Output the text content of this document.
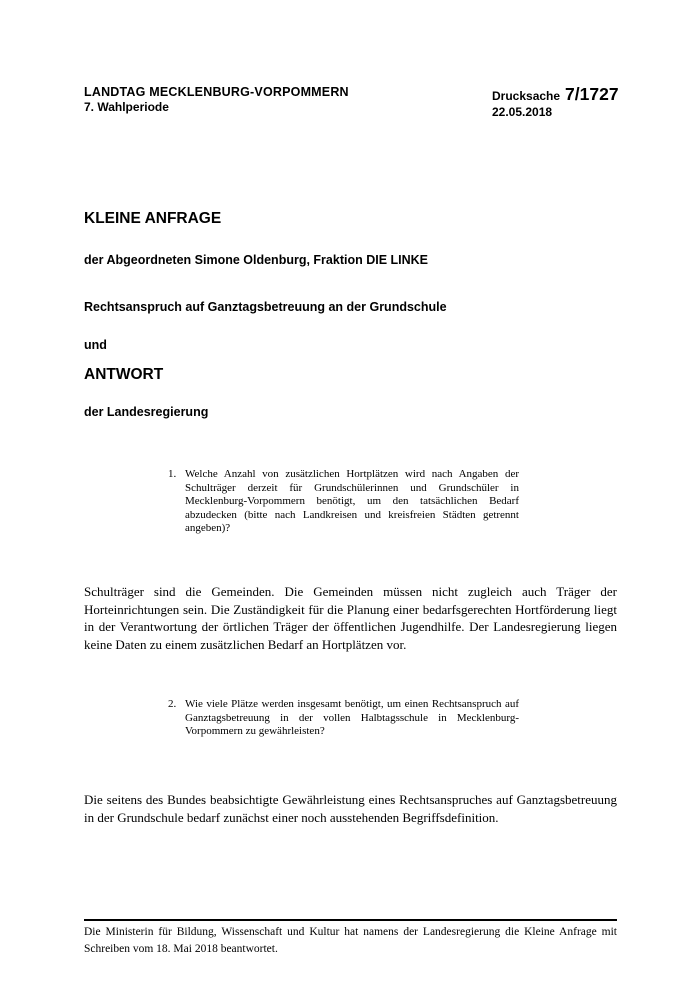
LANDTAG MECKLENBURG-VORPOMMERN
7. Wahlperiode
Drucksache 7/1727
22.05.2018
KLEINE ANFRAGE
der Abgeordneten Simone Oldenburg, Fraktion DIE LINKE
Rechtsanspruch auf Ganztagsbetreuung an der Grundschule
und
ANTWORT
der Landesregierung
1. Welche Anzahl von zusätzlichen Hortplätzen wird nach Angaben der Schulträger derzeit für Grundschülerinnen und Grundschüler in Mecklenburg-Vorpommern benötigt, um den tatsächlichen Bedarf abzudecken (bitte nach Landkreisen und kreisfreien Städten getrennt angeben)?
Schulträger sind die Gemeinden. Die Gemeinden müssen nicht zugleich auch Träger der Horteinrichtungen sein. Die Zuständigkeit für die Planung einer bedarfsgerechten Hortförderung liegt in der Verantwortung der örtlichen Träger der öffentlichen Jugendhilfe. Der Landesregierung liegen keine Daten zu einem zusätzlichen Bedarf an Hortplätzen vor.
2. Wie viele Plätze werden insgesamt benötigt, um einen Rechtsanspruch auf Ganztagsbetreuung in der vollen Halbtagsschule in Mecklenburg-Vorpommern zu gewährleisten?
Die seitens des Bundes beabsichtigte Gewährleistung eines Rechtsanspruches auf Ganztagsbetreuung in der Grundschule bedarf zunächst einer noch ausstehenden Begriffsdefinition.
Die Ministerin für Bildung, Wissenschaft und Kultur hat namens der Landesregierung die Kleine Anfrage mit Schreiben vom 18. Mai 2018 beantwortet.
